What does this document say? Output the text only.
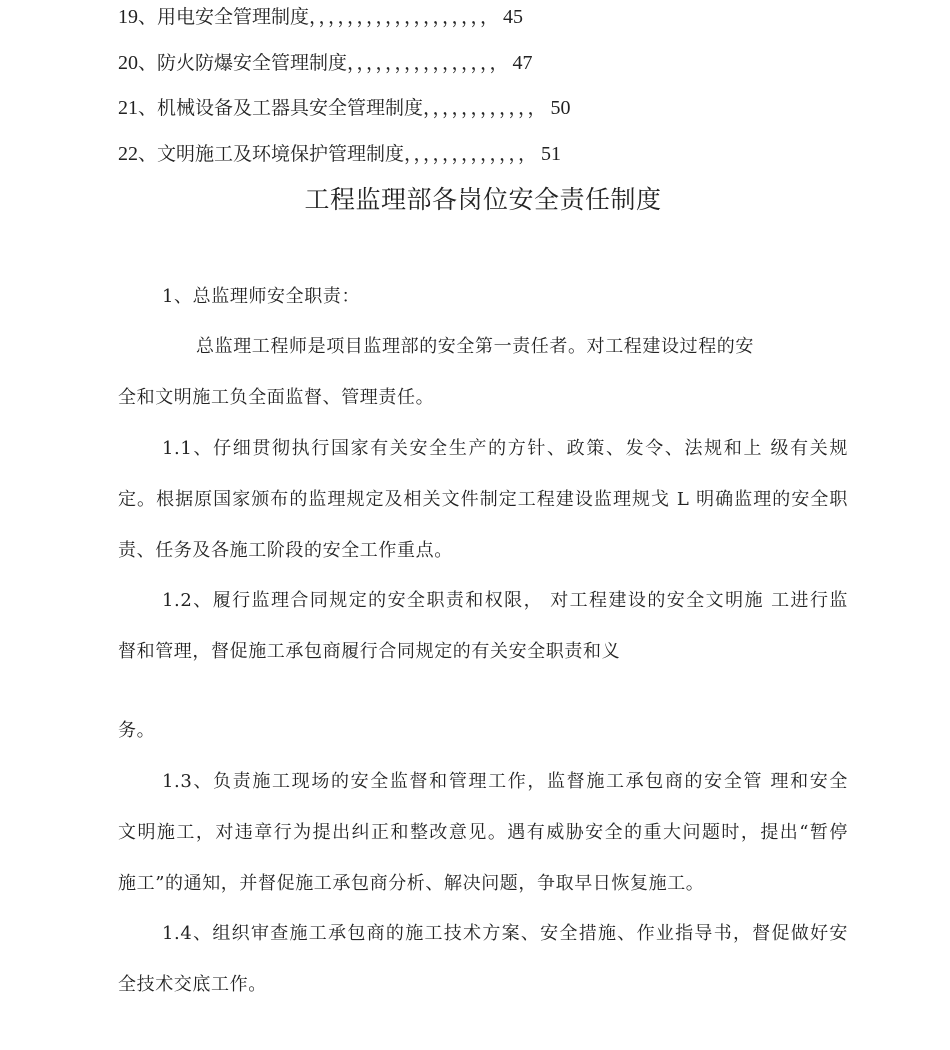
19、用电安全管理制度，，，，，，，，，，，，，，，，，，， 45
20、防火防爆安全管理制度，，，，，，，，，，，，，，，， 47
21、机械设备及工器具安全管理制度，，，，，，，，，，，， 50
22、文明施工及环境保护管理制度，，，，，，，，，，，，， 51
工程监理部各岗位安全责任制度
1、总监理师安全职责：
总监理工程师是项目监理部的安全第一责任者。对工程建设过程的安
全和文明施工负全面监督、管理责任。
1.1、仔细贯彻执行国家有关安全生产的方针、政策、发令、法规和上 级有关规
定。根据原国家颁布的监理规定及相关文件制定工程建设监理规戈 L 明确监理的安全职
责、任务及各施工阶段的安全工作重点。
1.2、履行监理合同规定的安全职责和权限， 对工程建设的安全文明施 工进行监
督和管理，督促施工承包商履行合同规定的有关安全职责和义
务。
1.3、负责施工现场的安全监督和管理工作，监督施工承包商的安全管 理和安全
文明施工，对违章行为提出纠正和整改意见。遇有威胁安全的重大问题时，提出“暂停
施工”的通知，并督促施工承包商分析、解决问题，争取早日恢复施工。
1.4、组织审查施工承包商的施工技术方案、安全措施、作业指导书，督促做好安
全技术交底工作。
